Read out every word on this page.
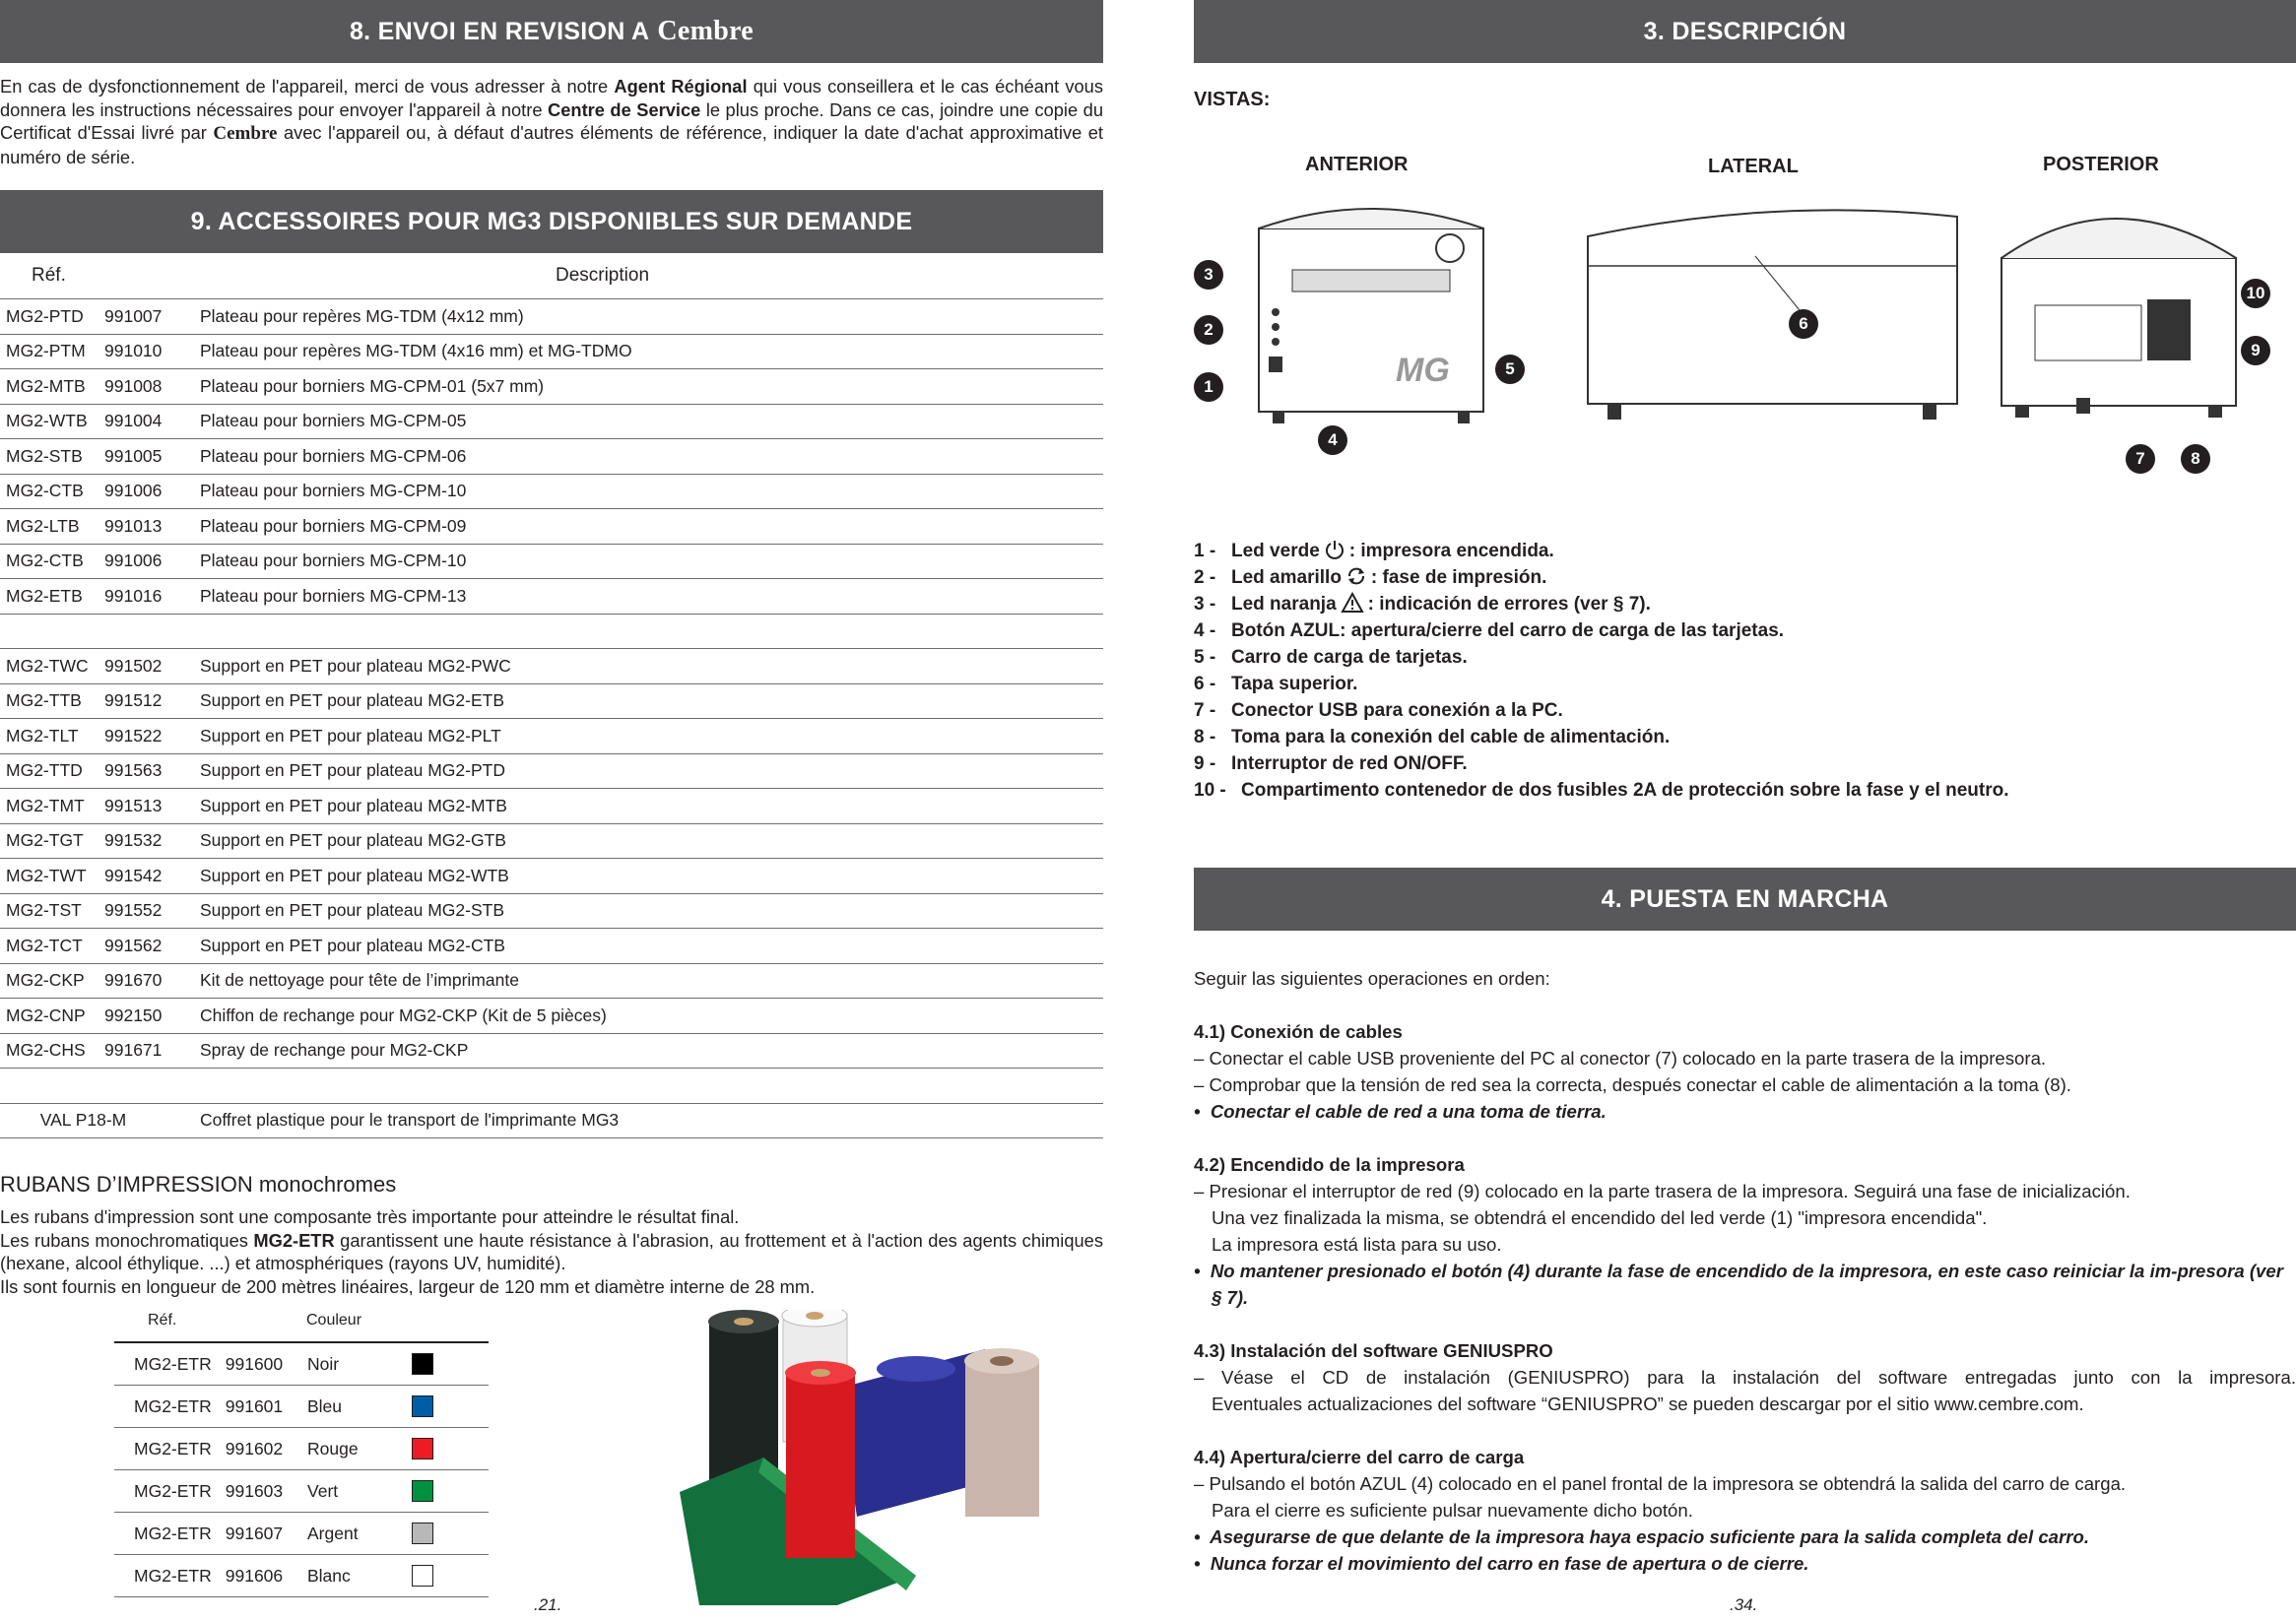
8. ENVOI EN REVISION A Cembre

En cas de dysfonctionnement de l'appareil, merci de vous adresser à notre Agent Régional qui vous conseillera et le cas échéant vous donnera les instructions nécessaires pour envoyer l'appareil à notre Centre de Service le plus proche. Dans ce cas, joindre une copie du Certificat d'Essai livré par Cembre avec l'appareil ou, à défaut d'autres éléments de référence, indiquer la date d'achat approximative et numéro de série.

9. ACCESSOIRES POUR MG3 DISPONIBLES SUR DEMANDE
Réf.		Description
MG2-PTD	991007	Plateau pour repères MG-TDM (4x12 mm)
MG2-PTM	991010	Plateau pour repères MG-TDM (4x16 mm) et MG-TDMO
MG2-MTB	991008	Plateau pour borniers MG-CPM-01 (5x7 mm)
MG2-WTB	991004	Plateau pour borniers MG-CPM-05
MG2-STB	991005	Plateau pour borniers MG-CPM-06
MG2-CTB	991006	Plateau pour borniers MG-CPM-10
MG2-LTB	991013	Plateau pour borniers MG-CPM-09
MG2-CTB	991006	Plateau pour borniers MG-CPM-10
MG2-ETB	991016	Plateau pour borniers MG-CPM-13

MG2-TWC	991502	Support en PET pour plateau MG2-PWC
MG2-TTB	991512	Support en PET pour plateau MG2-ETB
MG2-TLT	991522	Support en PET pour plateau MG2-PLT
MG2-TTD	991563	Support en PET pour plateau MG2-PTD
MG2-TMT	991513	Support en PET pour plateau MG2-MTB
MG2-TGT	991532	Support en PET pour plateau MG2-GTB
MG2-TWT	991542	Support en PET pour plateau MG2-WTB
MG2-TST	991552	Support en PET pour plateau MG2-STB
MG2-TCT	991562	Support en PET pour plateau MG2-CTB
MG2-CKP	991670	Kit de nettoyage pour tête de l’imprimante
MG2-CNP	992150	Chiffon de rechange pour MG2-CKP (Kit de 5 pièces)
MG2-CHS	991671	Spray de rechange pour MG2-CKP

VAL P18-M		Coffret plastique pour le transport de l'imprimante MG3

RUBANS D’IMPRESSION monochromes

Les rubans d'impression sont une composante très importante pour atteindre le résultat final.

Les rubans monochromatiques MG2-ETR garantissent une haute résistance à l'abrasion, au frottement et à l'action des agents chimiques (hexane, alcool éthylique. ...) et atmosphériques (rayons UV, humidité).

Ils sont fournis en longueur de 200 mètres linéaires, largeur de 120 mm et diamètre interne de 28 mm.

Réf.	Couleur	
MG2-ETR 991600	Noir	
MG2-ETR 991601	Bleu	
MG2-ETR 991602	Rouge	
MG2-ETR 991603	Vert	
MG2-ETR 991607	Argent	
MG2-ETR 991606	Blanc	
.21.
3. DESCRIPCIÓN
VISTAS:
ANTERIOR	LATERAL	POSTERIOR
MG
3
2
1
4
5
6
10
9
7	8
1 - Led verde : impresora encendida.
2 - Led amarillo : fase de impresión.
3 - Led naranja : indicación de errores (ver § 7).
4 - Botón AZUL: apertura/cierre del carro de carga de las tarjetas.
5 - Carro de carga de tarjetas.
6 - Tapa superior.
7 - Conector USB para conexión a la PC.
8 - Toma para la conexión del cable de alimentación.
9 - Interruptor de red ON/OFF.
10 - Compartimento contenedor de dos fusibles 2A de protección sobre la fase y el neutro.
4. PUESTA EN MARCHA
Seguir las siguientes operaciones en orden:
4.1) Conexión de cables
– Conectar el cable USB proveniente del PC al conector (7) colocado en la parte trasera de la impresora.
– Comprobar que la tensión de red sea la correcta, después conectar el cable de alimentación a la toma (8).
•  Conectar el cable de red a una toma de tierra.
4.2) Encendido de la impresora
– Presionar el interruptor de red (9) colocado en la parte trasera de la impresora. Seguirá una fase de inicialización.
Una vez finalizada la misma, se obtendrá el encendido del led verde (1) "impresora encendida".
La impresora está lista para su uso.
•  No mantener presionado el botón (4) durante la fase de encendido de la impresora, en este caso reiniciar la im-presora (ver § 7).
4.3) Instalación del software GENIUSPRO
– Véase el CD de instalación (GENIUSPRO) para la instalación del software entregadas junto con la impresora.
Eventuales actualizaciones del software “GENIUSPRO” se pueden descargar por el sitio www.cembre.com.
4.4) Apertura/cierre del carro de carga
– Pulsando el botón AZUL (4) colocado en el panel frontal de la impresora se obtendrá la salida del carro de carga.
Para el cierre es suficiente pulsar nuevamente dicho botón.
•  Asegurarse de que delante de la impresora haya espacio suficiente para la salida completa del carro.
•  Nunca forzar el movimiento del carro en fase de apertura o de cierre.
.34.
